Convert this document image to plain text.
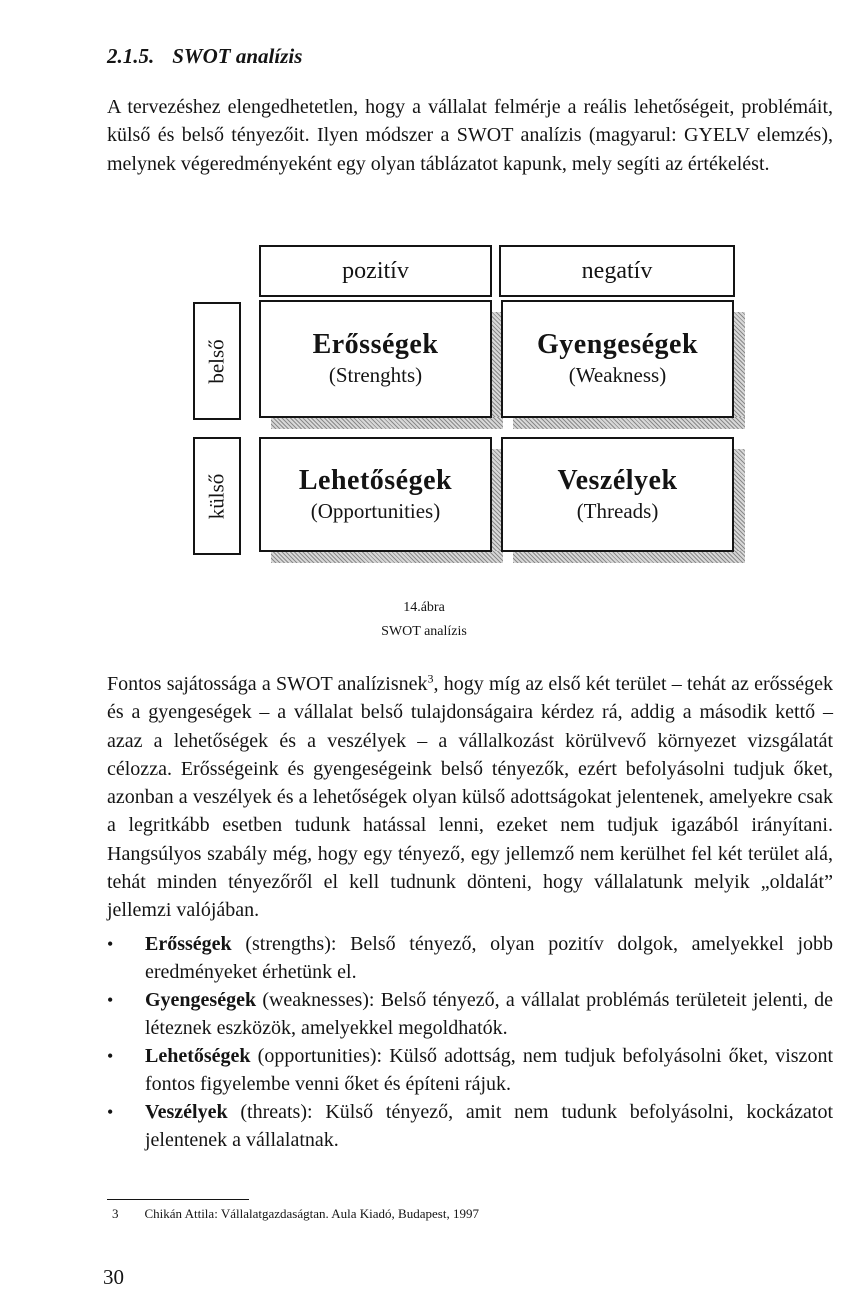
2.1.5. SWOT analízis

A tervezéshez elengedhetetlen, hogy a vállalat felmérje a reális lehetőségeit, problémáit, külső és belső tényezőit. Ilyen módszer a SWOT analízis (magyarul: GYELV elemzés), melynek végeredményeként egy olyan táblázatot kapunk, mely segíti az értékelést.

pozitív	negatív
belső
külső
Erősségek
(Strenghts)
Gyengeségek
(Weakness)
Lehetőségek
(Opportunities)
Veszélyek
(Threads)
14.ábra
SWOT analízis

Fontos sajátossága a SWOT analízisnek$^3$, hogy míg az első két terület – tehát az erősségek és a gyengeségek – a vállalat belső tulajdonságaira kérdez rá, addig a második kettő – azaz a lehetőségek és a veszélyek – a vállalkozást körülvevő környezet vizsgálatát célozza. Erősségeink és gyengeségeink belső tényezők, ezért befolyásolni tudjuk őket, azonban a veszélyek és a lehetőségek olyan külső adottságokat jelentenek, amelyekre csak a legritkább esetben tudunk hatással lenni, ezeket nem tudjuk igazából irányítani. Hangsúlyos szabály még, hogy egy tényező, egy jellemző nem kerülhet fel két terület alá, tehát minden tényezőről el kell tudnunk dönteni, hogy vállalatunk melyik „oldalát” jellemzi valójában.

• Erősségek (strengths): Belső tényező, olyan pozitív dolgok, amelyekkel jobb eredményeket érhetünk el.
• Gyengeségek (weaknesses): Belső tényező, a vállalat problémás területeit jelenti, de léteznek eszközök, amelyekkel megoldhatók.
• Lehetőségek (opportunities): Külső adottság, nem tudjuk befolyásolni őket, viszont fontos figyelembe venni őket és építeni rájuk.
• Veszélyek (threats): Külső tényező, amit nem tudunk befolyásolni, kockázatot jelentenek a vállalatnak.
3 Chikán Attila: Vállalatgazdaságtan. Aula Kiadó, Budapest, 1997
30
